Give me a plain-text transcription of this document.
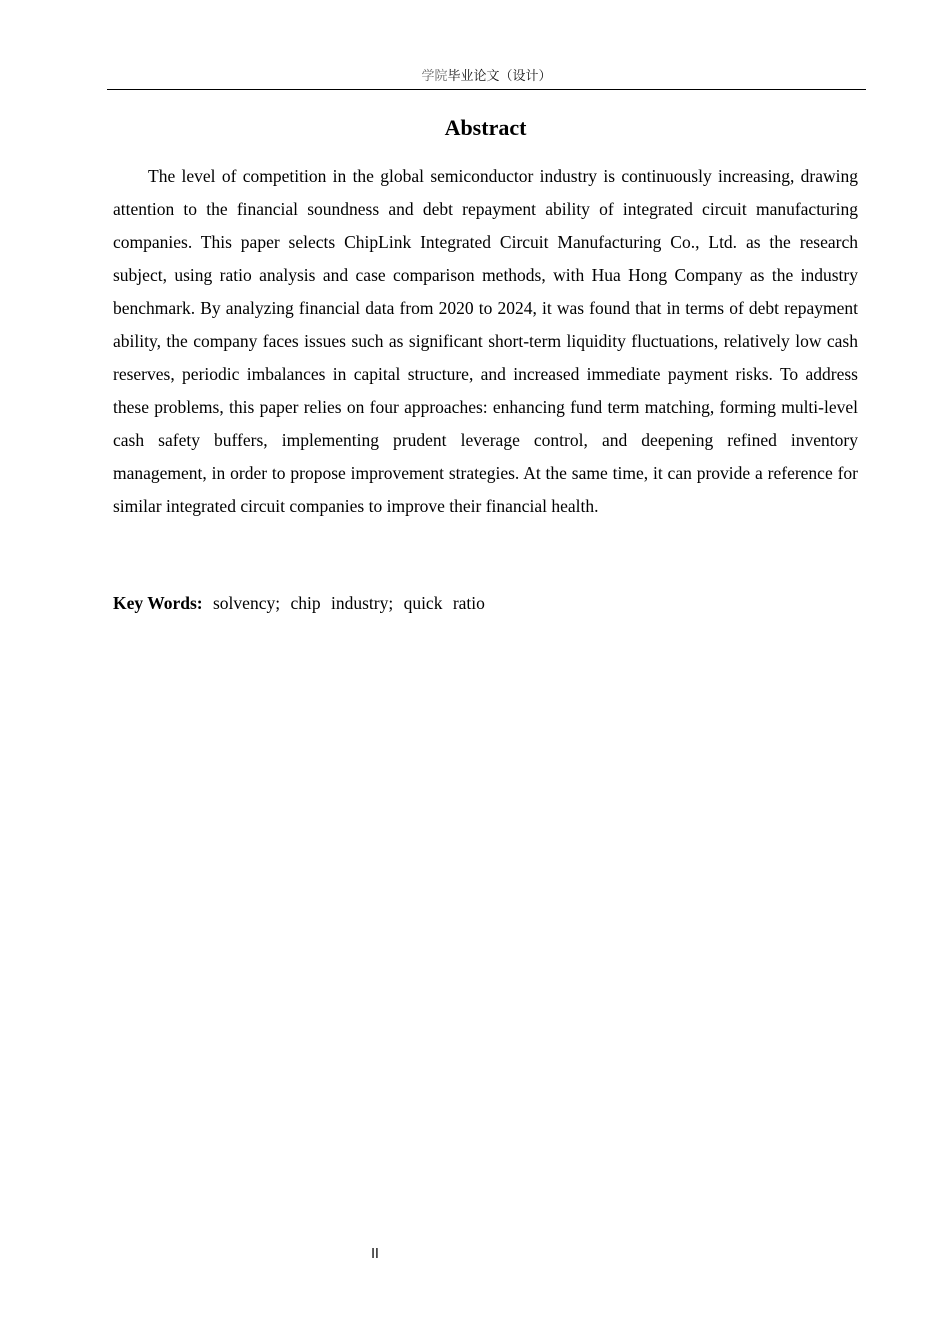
学院毕业论文（设计）
Abstract

The level of competition in the global semiconductor industry is continuously increasing, drawing attention to the financial soundness and debt repayment ability of integrated circuit manufacturing companies. This paper selects ChipLink Integrated Circuit Manufacturing Co., Ltd. as the research subject, using ratio analysis and case comparison methods, with Hua Hong Company as the industry benchmark. By analyzing financial data from 2020 to 2024, it was found that in terms of debt repayment ability, the company faces issues such as significant short-term liquidity fluctuations, relatively low cash reserves, periodic imbalances in capital structure, and increased immediate payment risks. To address these problems, this paper relies on four approaches: enhancing fund term matching, forming multi-level cash safety buffers, implementing prudent leverage control, and deepening refined inventory management, in order to propose improvement strategies. At the same time, it can provide a reference for similar integrated circuit companies to improve their financial health.

Key Words: solvency; chip industry; quick ratio

II
